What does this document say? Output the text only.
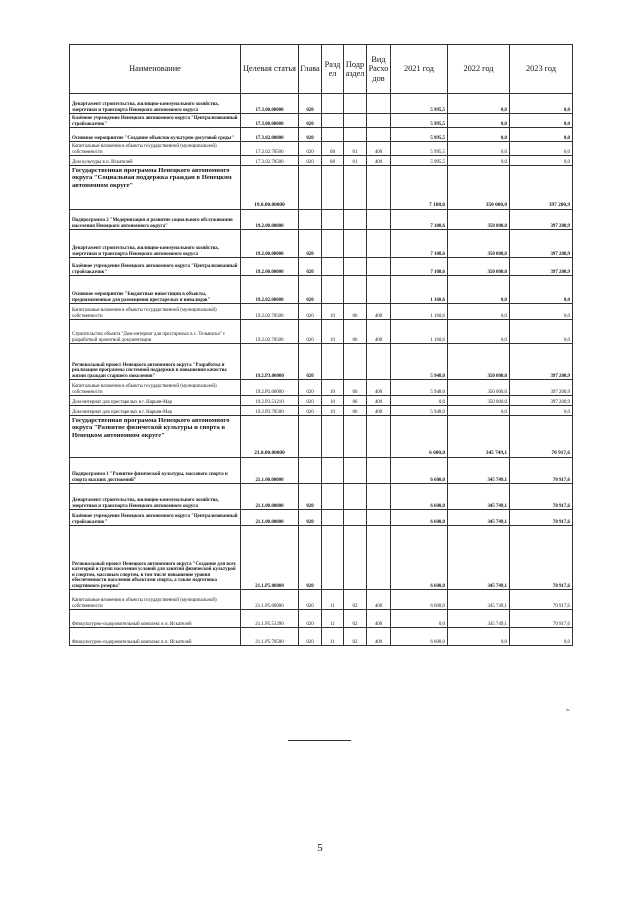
Наименование	Целевая статья	Глава	Раздел	Подраздел	Вид Расходов	2021 год	2022 год	2023 год
Департамент строительства, жилищно-коммунального хозяйства, энергетики и транспорта Ненецкого автономного округа	17.3.00.00000	020				5 995,5	0,0	0,0
Казённое учреждение Ненецкого автономного округа "Централизованный стройзаказчик"	17.3.00.00000	020				5 995,5	0,0	0,0
Основное мероприятие "Создание объектов культурно-досуговой среды"	17.3.02.00000	020				5 995,5	0,0	0,0
Капитальные вложения в объекты государственной (муниципальной) собственности	17.3.02.70500	020	08	01	400	5 995,5	0,0	0,0
Дом культуры в п. Искателей	17.3.02.70500	020	08	01	400	5 995,5	0,0	0,0
Государственная программа Ненецкого автономного округа "Социальная поддержка граждан в Ненецком автономном округе"	19.0.00.00000					7 108,6	350 000,0	397 200,9
Подпрограмма 2 "Модернизация и развитие социального обслуживания населения Ненецкого автономного округа"	19.2.00.00000					7 108,6	350 000,0	397 200,9
Департамент строительства, жилищно-коммунального хозяйства, энергетики и транспорта Ненецкого автономного округа	19.2.00.00000	020				7 108,6	350 000,0	397 200,9
Казённое учреждение Ненецкого автономного округа "Централизованный стройзаказчик"	19.2.00.00000	020				7 108,6	350 000,0	397 200,9
Основное мероприятие "Бюджетные инвестиции в объекты, предназначенные для размещения престарелых и инвалидов"	19.2.02.00000	020				1 160,6	0,0	0,0
Капитальные вложения в объекты государственной (муниципальной) собственности	19.2.02.70500	020	10	06	400	1 160,6	0,0	0,0
Строительство объекта "Дом-интернат для престарелых в с. Тельвиска" с разработкой проектной документации	19.2.02.70500	020	10	06	400	1 160,6	0,0	0,0
Региональный проект Ненецкого автономного округа "Разработка и реализация программы системной поддержки и повышения качества жизни граждан старшего поколения"	19.2.P3.00000	020				5 948,0	350 000,0	397 200,9
Капитальные вложения в объекты государственной (муниципальной) собственности	19.2.P3.00000	020	10	06	400	5 948,0	350 000,0	397 200,9
Дом-интернат для престарелых в г. Нарьян-Мар	19.2.P3.51210	020	10	06	400	0,0	350 000,0	397 200,9
Дом-интернат для престарелых в г. Нарьян-Мар	19.2.P3.70500	020	10	06	400	5 948,0	0,0	0,0
Государственная программа Ненецкого автономного округа "Развитие физической культуры и спорта в Ненецком автономном округе"	21.0.00.00000					6 600,0	345 749,1	70 917,6
Подпрограмма 1 "Развитие физической культуры, массового спорта и спорта высших достижений"	21.1.00.00000					6 600,0	345 749,1	70 917,6
Департамент строительства, жилищно-коммунального хозяйства, энергетики и транспорта Ненецкого автономного округа	21.1.00.00000	020				6 600,0	345 749,1	70 917,6
Казённое учреждение Ненецкого автономного округа "Централизованный стройзаказчик"	21.1.00.00000	020				6 600,0	345 749,1	70 917,6
Региональный проект Ненецкого автономного округа "Создание для всех категорий и групп населения условий для занятий физической культурой и спортом, массовым спортом, в том числе повышение уровня обеспеченности населения объектами спорта, а также подготовка спортивного резерва"	21.1.P5.00000	020				6 600,0	345 749,1	70 917,6
Капитальные вложения в объекты государственной (муниципальной) собственности	21.1.P5.00000	020	11	02	400	6 600,0	345 749,1	70 917,6
Физкультурно-оздоровительный комплекс в п. Искателей	21.1.P5.51390	020	11	02	400	0,0	345 749,1	70 917,6
Физкультурно-оздоровительный комплекс в п. Искателей	21.1.P5.70500	020	11	02	400	6 600,0	0,0	0,0
».
5
